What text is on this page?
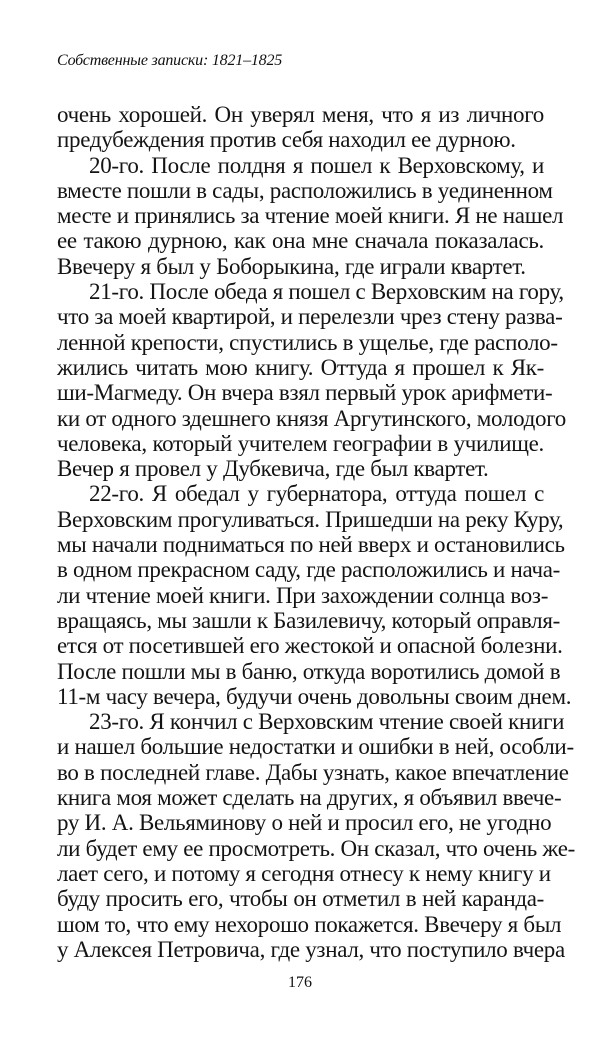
Собственные записки: 1821–1825
очень хорошей. Он уверял меня, что я из личного
предубеждения против себя находил ее дурною.
20-го. После полдня я пошел к Верховскому, и
вместе пошли в сады, расположились в уединенном
месте и принялись за чтение моей книги. Я не нашел
ее такою дурною, как она мне сначала показалась.
Ввечеру я был у Боборыкина, где играли квартет.
21-го. После обеда я пошел с Верховским на гору,
что за моей квартирой, и перелезли чрез стену разва-
ленной крепости, спустились в ущелье, где располо-
жились читать мою книгу. Оттуда я прошел к Як-
ши-Магмеду. Он вчера взял первый урок арифмети-
ки от одного здешнего князя Аргутинского, молодого
человека, который учителем географии в училище.
Вечер я провел у Дубкевича, где был квартет.
22-го. Я обедал у губернатора, оттуда пошел с
Верховским прогуливаться. Пришедши на реку Куру,
мы начали подниматься по ней вверх и остановились
в одном прекрасном саду, где расположились и нача-
ли чтение моей книги. При захождении солнца воз-
вращаясь, мы зашли к Базилевичу, который оправля-
ется от посетившей его жестокой и опасной болезни.
После пошли мы в баню, откуда воротились домой в
11-м часу вечера, будучи очень довольны своим днем.
23-го. Я кончил с Верховским чтение своей книги
и нашел большие недостатки и ошибки в ней, особли-
во в последней главе. Дабы узнать, какое впечатление
книга моя может сделать на других, я объявил ввече-
ру И. А. Вельяминову о ней и просил его, не угодно
ли будет ему ее просмотреть. Он сказал, что очень же-
лает сего, и потому я сегодня отнесу к нему книгу и
буду просить его, чтобы он отметил в ней каранда-
шом то, что ему нехорошо покажется. Ввечеру я был
у Алексея Петровича, где узнал, что поступило вчера
176
